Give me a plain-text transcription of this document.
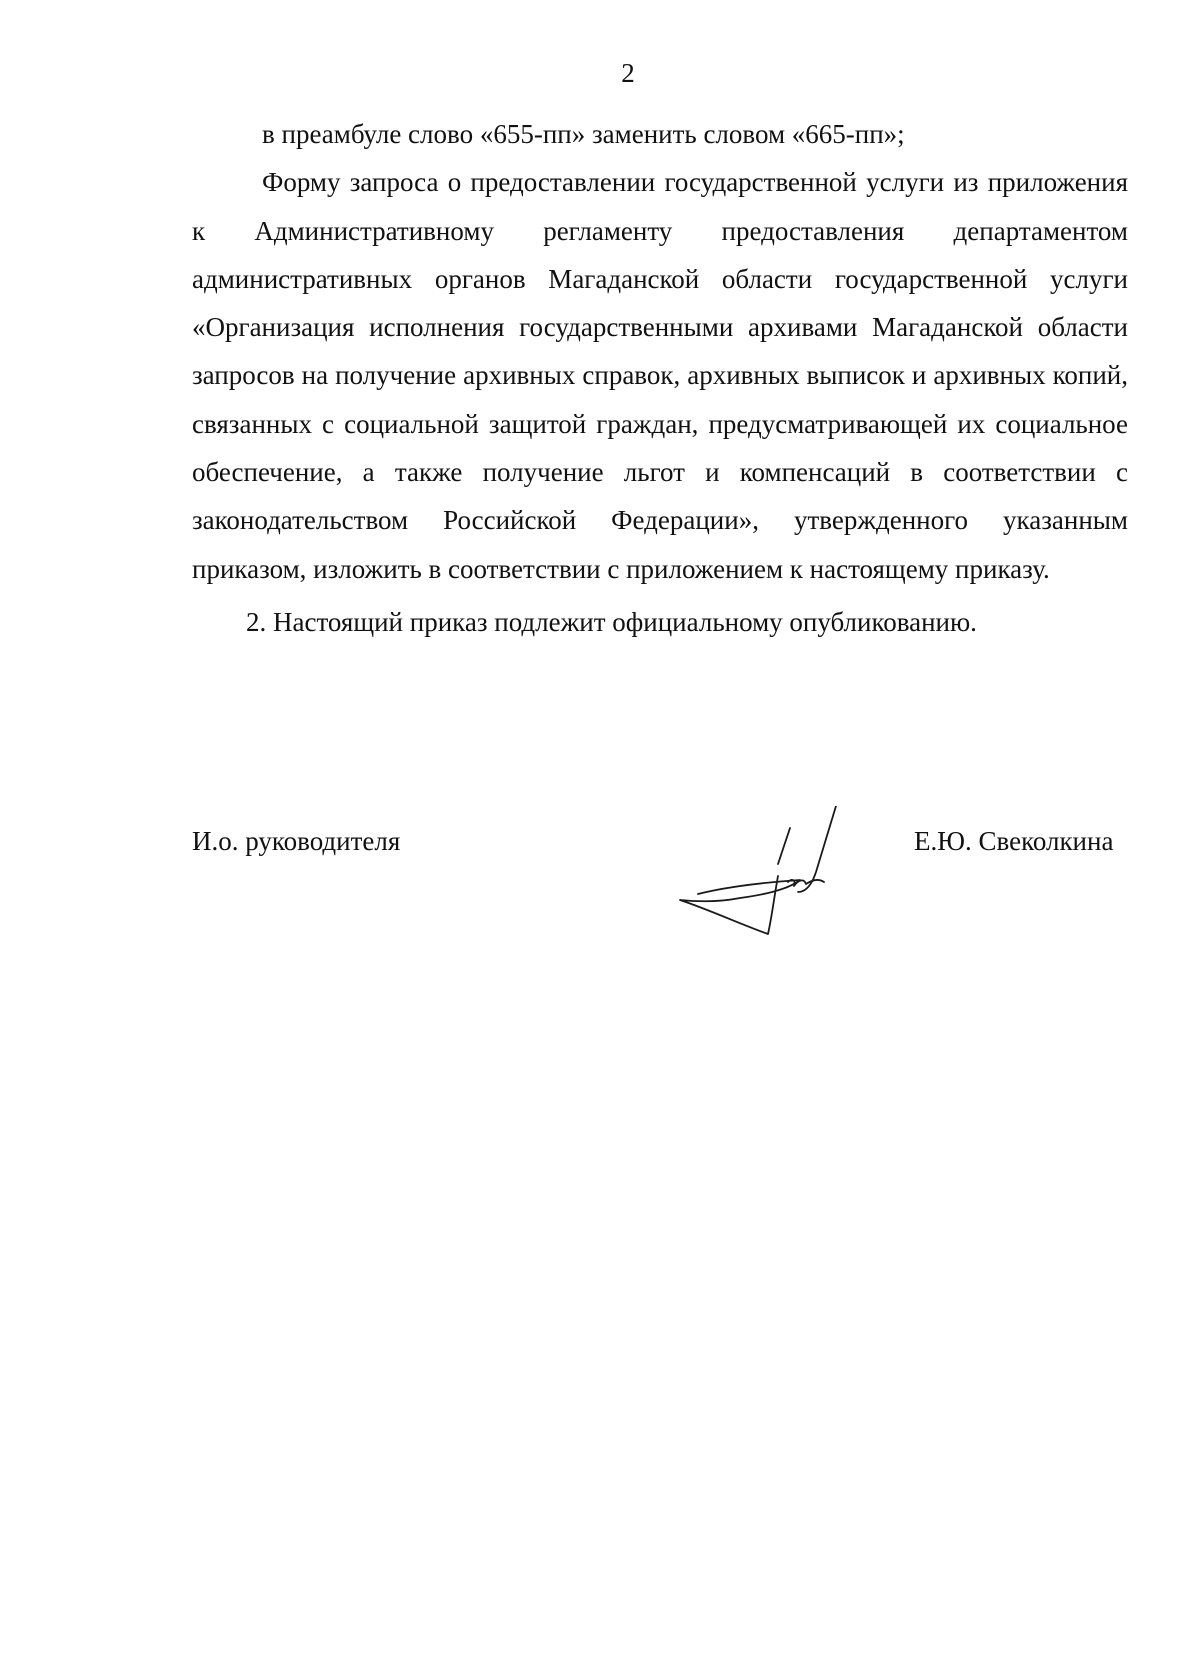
2

в преамбуле слово «655-пп» заменить словом «665-пп»;

Форму запроса о предоставлении государственной услуги из приложения к Административному регламенту предоставления департаментом административных органов Магаданской области государственной услуги «Организация исполнения государственными архивами Магаданской области запросов на получение архивных справок, архивных выписок и архивных копий, связанных с социальной защитой граждан, предусматривающей их социальное обеспечение, а также получение льгот и компенсаций в соответствии с законодательством Российской Федерации», утвержденного указанным приказом, изложить в соответствии с приложением к настоящему приказу.

2. Настоящий приказ подлежит официальному опубликованию.

И.о. руководителя	Е.Ю. Свеколкина
